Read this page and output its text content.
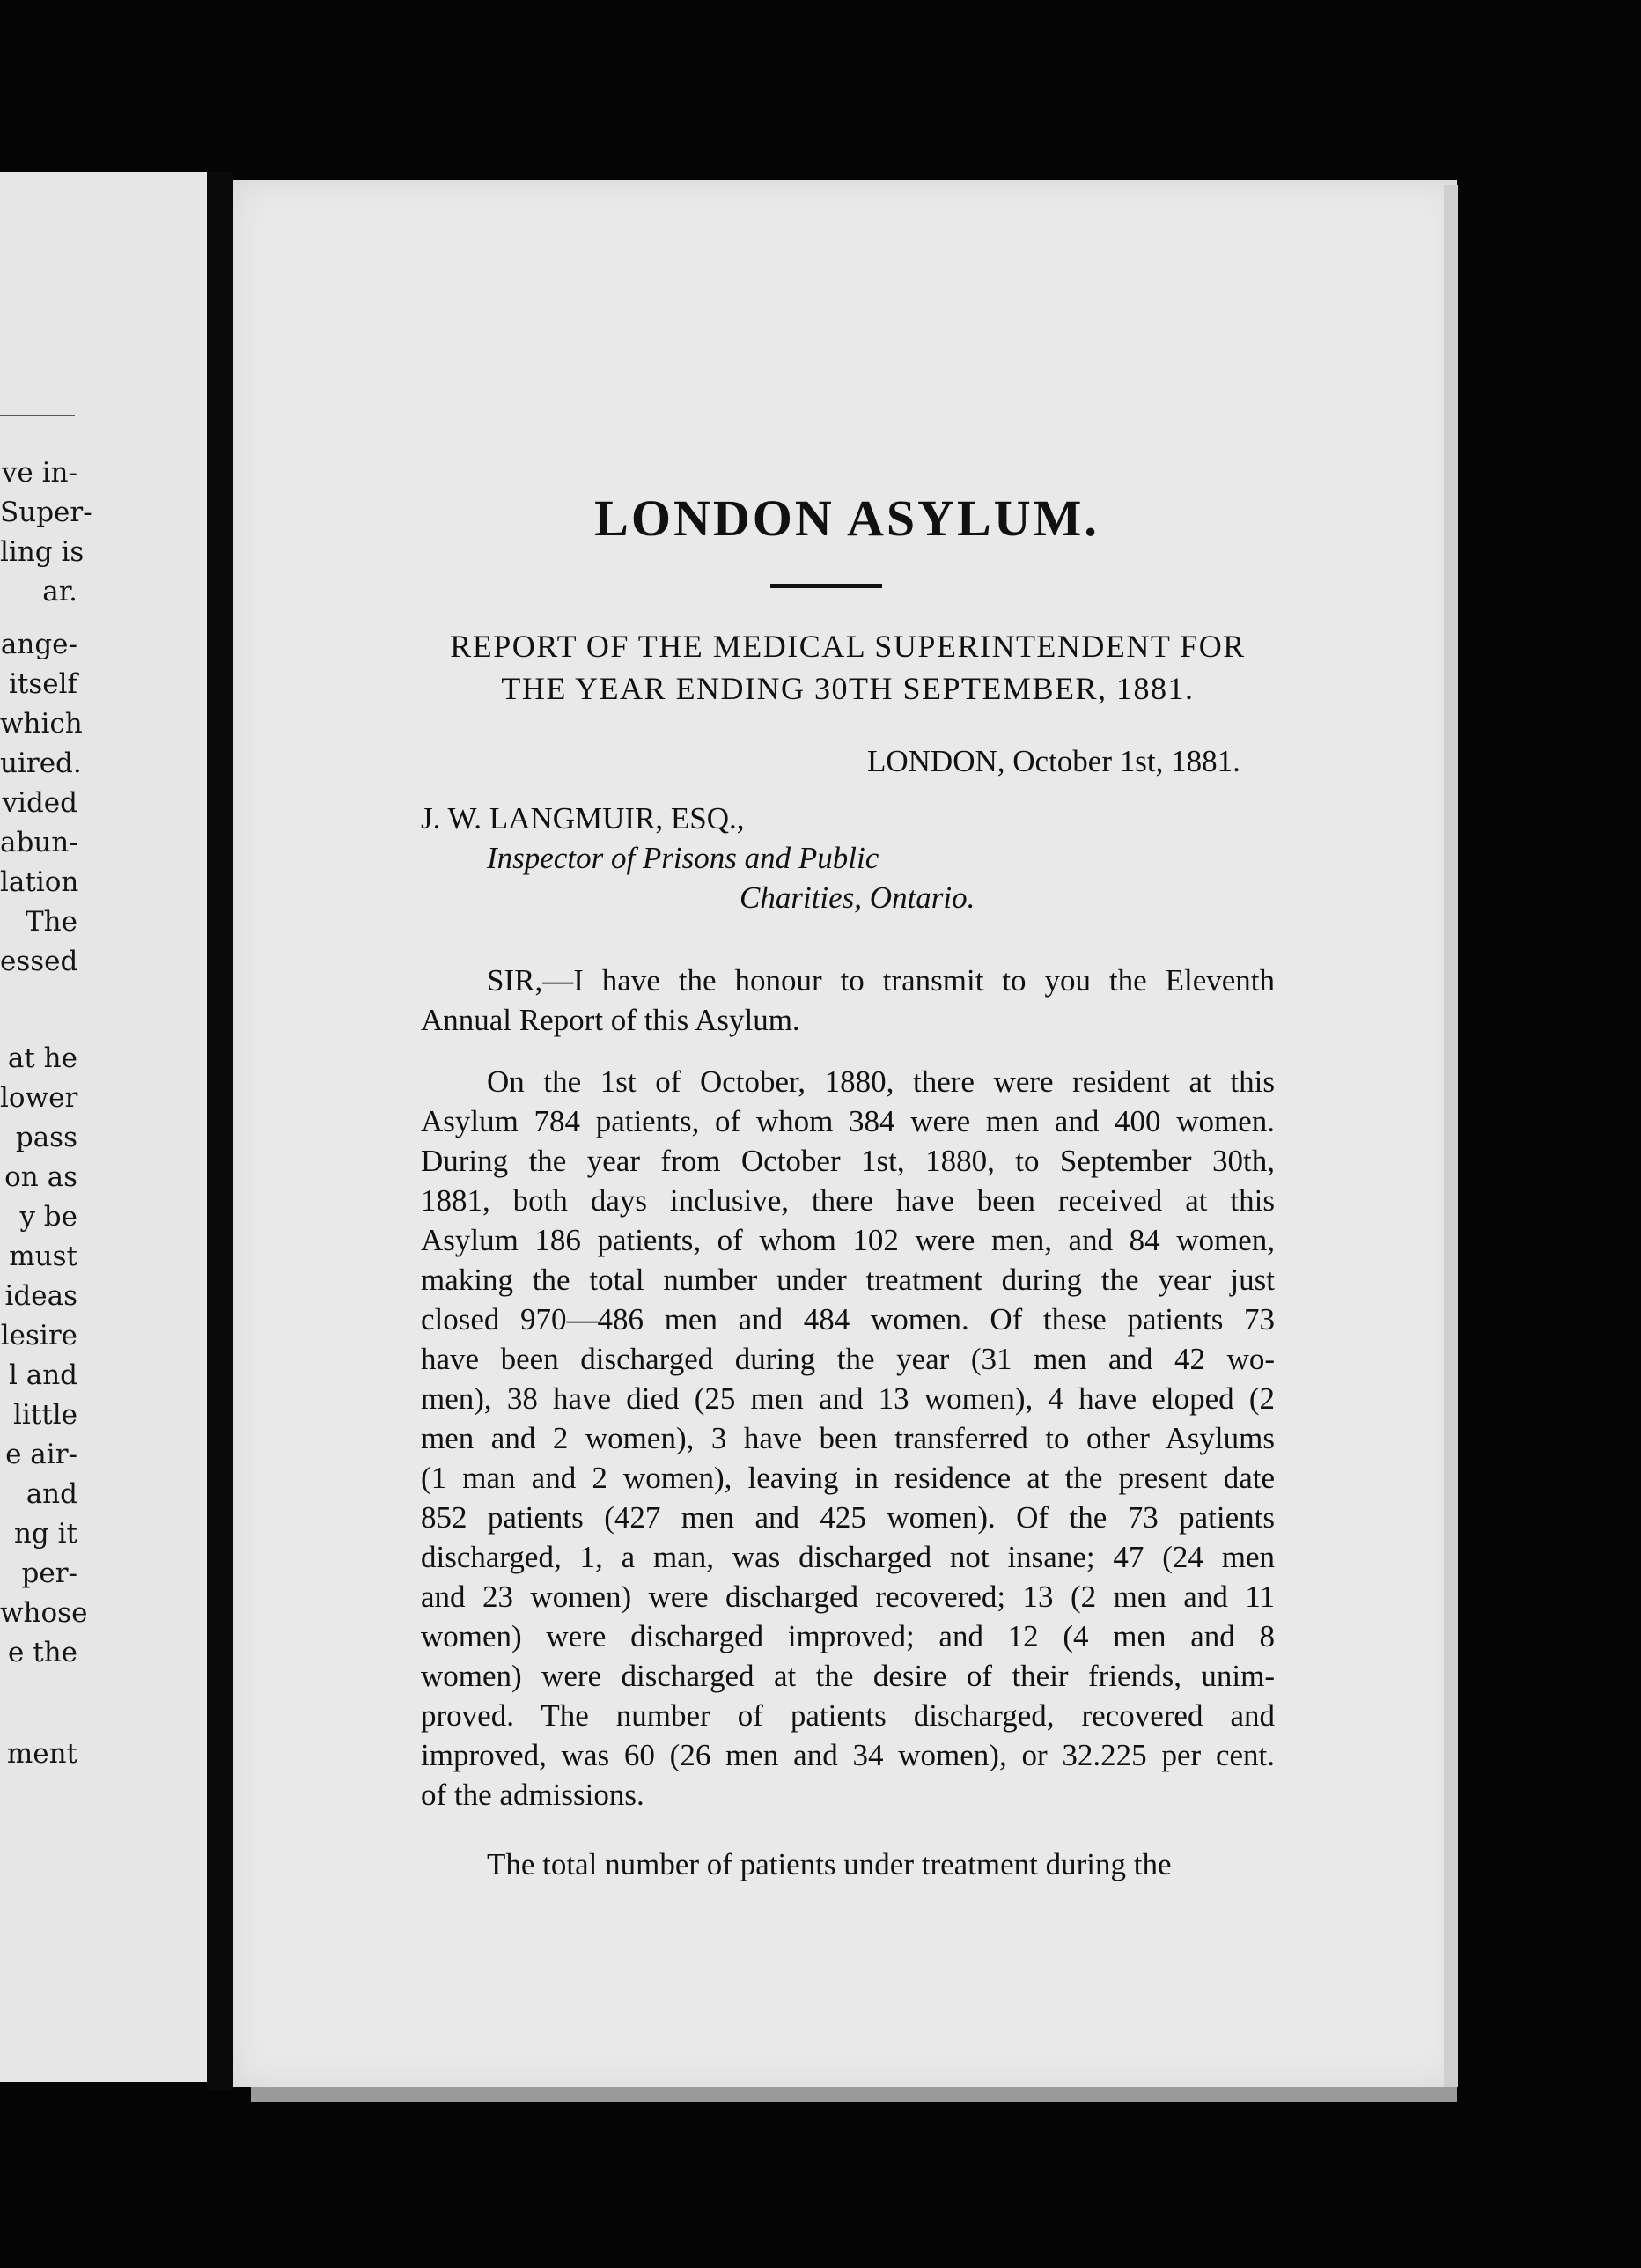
ve in-
Super-
ling is
ar.
ange-
itself
which
uired.
vided
abun-
lation
The
essed
at he
lower
pass
on as
y be
must
ideas
lesire
l and
little
e air-
and
ng it
per-
whose
e the
ment
LONDON ASYLUM.
REPORT OF THE MEDICAL SUPERINTENDENT FOR
THE YEAR ENDING 30TH SEPTEMBER, 1881.
LONDON, October 1st, 1881.
J. W. LANGMUIR, ESQ.,
Inspector of Prisons and Public
Charities, Ontario.
SIR,—I have the honour to transmit to you the Eleventh
Annual Report of this Asylum.
On the 1st of October, 1880, there were resident at this
Asylum 784 patients, of whom 384 were men and 400 women.
During the year from October 1st, 1880, to September 30th,
1881, both days inclusive, there have been received at this
Asylum 186 patients, of whom 102 were men, and 84 women,
making the total number under treatment during the year just
closed 970—486 men and 484 women. Of these patients 73
have been discharged during the year (31 men and 42 wo-
men), 38 have died (25 men and 13 women), 4 have eloped (2
men and 2 women), 3 have been transferred to other Asylums
(1 man and 2 women), leaving in residence at the present date
852 patients (427 men and 425 women). Of the 73 patients
discharged, 1, a man, was discharged not insane; 47 (24 men
and 23 women) were discharged recovered; 13 (2 men and 11
women) were discharged improved; and 12 (4 men and 8
women) were discharged at the desire of their friends, unim-
proved. The number of patients discharged, recovered and
improved, was 60 (26 men and 34 women), or 32.225 per cent.
of the admissions.
The total number of patients under treatment during the
